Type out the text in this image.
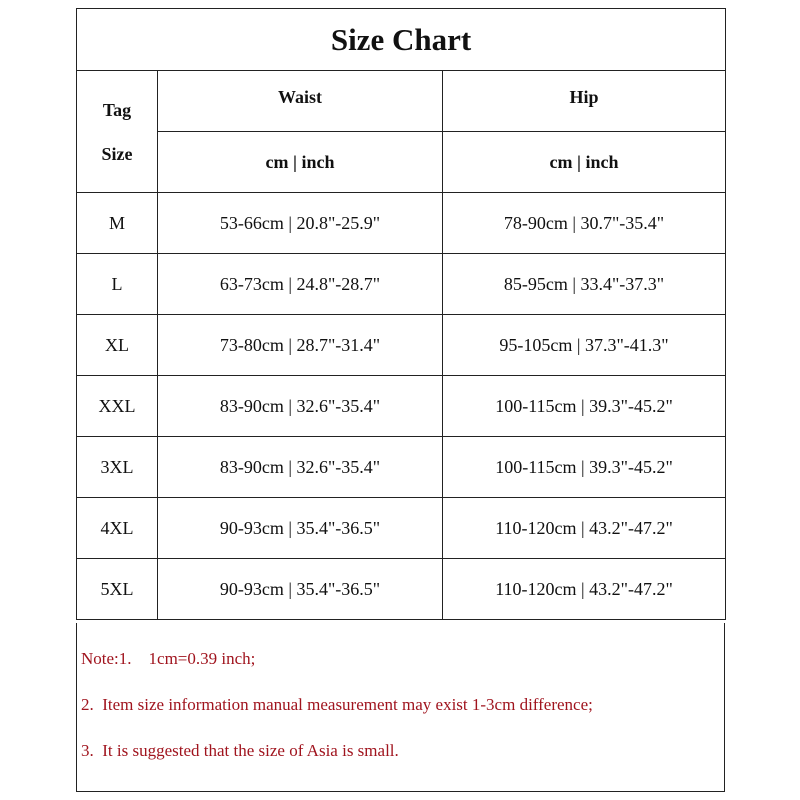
Size Chart		

Tag
Size	Waist	Hip
	cm | inch	cm | inch
M	53-66cm | 20.8"-25.9"	78-90cm | 30.7"-35.4"
L	63-73cm | 24.8"-28.7"	85-95cm | 33.4"-37.3"
XL	73-80cm | 28.7"-31.4"	95-105cm | 37.3"-41.3"
XXL	83-90cm | 32.6"-35.4"	100-115cm | 39.3"-45.2"
3XL	83-90cm | 32.6"-35.4"	100-115cm | 39.3"-45.2"
4XL	90-93cm | 35.4"-36.5"	110-120cm | 43.2"-47.2"
5XL	90-93cm | 35.4"-36.5"	110-120cm | 43.2"-47.2"
Note:1.    1cm=0.39 inch;
2.  Item size information manual measurement may exist 1-3cm difference;
3.  It is suggested that the size of Asia is small.
